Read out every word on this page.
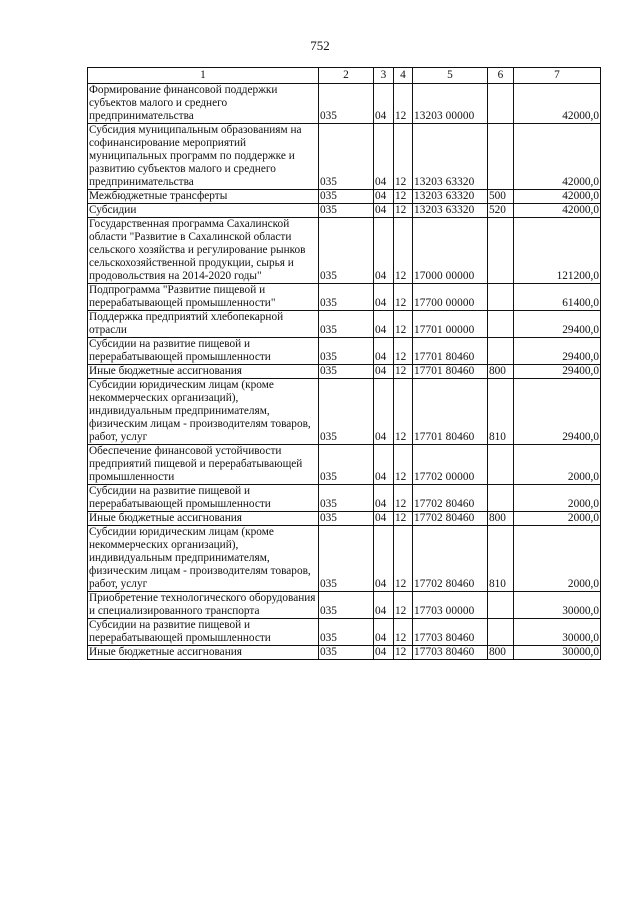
752
1	2	3	4	5	6	7
Формирование финансовой поддержки субъектов малого и среднего предпринимательства	035	04	12	13203 00000		42000,0
Субсидия муниципальным образованиям на софинансирование мероприятий муниципальных программ по поддержке и развитию субъектов малого и среднего предпринимательства	035	04	12	13203 63320		42000,0
Межбюджетные трансферты	035	04	12	13203 63320	500	42000,0
Субсидии	035	04	12	13203 63320	520	42000,0
Государственная программа Сахалинской области "Развитие в Сахалинской области сельского хозяйства и регулирование рынков сельскохозяйственной продукции, сырья и продовольствия на 2014-2020 годы"	035	04	12	17000 00000		121200,0
Подпрограмма "Развитие пищевой и перерабатывающей промышленности"	035	04	12	17700 00000		61400,0
Поддержка предприятий хлебопекарной отрасли	035	04	12	17701 00000		29400,0
Субсидии на развитие пищевой и перерабатывающей промышленности	035	04	12	17701 80460		29400,0
Иные бюджетные ассигнования	035	04	12	17701 80460	800	29400,0
Субсидии юридическим лицам (кроме некоммерческих организаций), индивидуальным предпринимателям, физическим лицам - производителям товаров, работ, услуг	035	04	12	17701 80460	810	29400,0
Обеспечение финансовой устойчивости предприятий пищевой и перерабатывающей промышленности	035	04	12	17702 00000		2000,0
Субсидии на развитие пищевой и перерабатывающей промышленности	035	04	12	17702 80460		2000,0
Иные бюджетные ассигнования	035	04	12	17702 80460	800	2000,0
Субсидии юридическим лицам (кроме некоммерческих организаций), индивидуальным предпринимателям, физическим лицам - производителям товаров, работ, услуг	035	04	12	17702 80460	810	2000,0
Приобретение технологического оборудования и специализированного транспорта	035	04	12	17703 00000		30000,0
Субсидии на развитие пищевой и перерабатывающей промышленности	035	04	12	17703 80460		30000,0
Иные бюджетные ассигнования	035	04	12	17703 80460	800	30000,0
